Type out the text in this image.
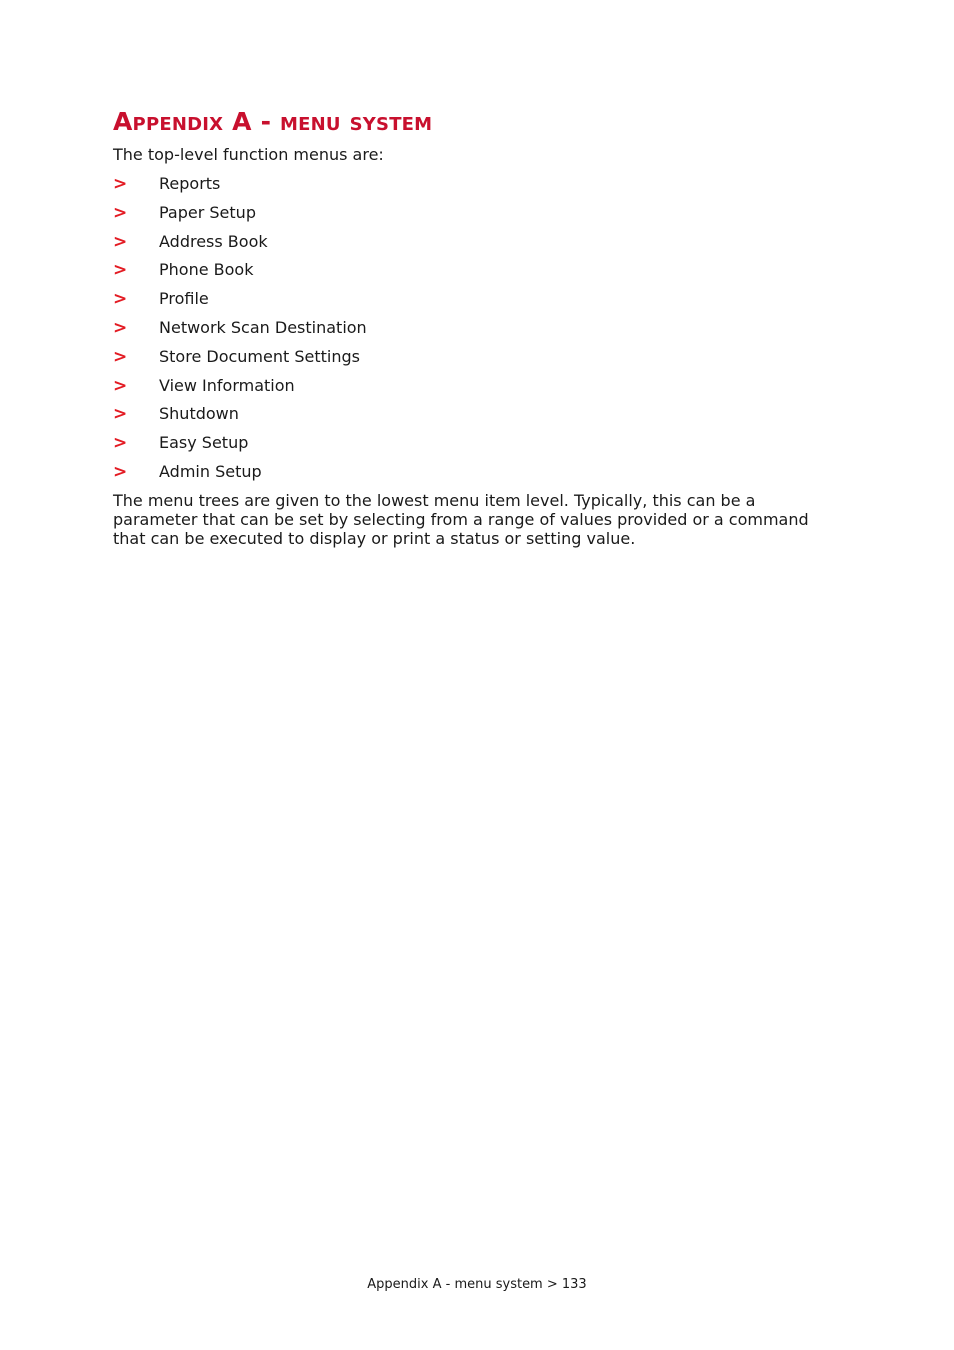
Appendix A - menu system

The top-level function menus are:

>	Reports
>	Paper Setup
>	Address Book
>	Phone Book
>	Profile
>	Network Scan Destination
>	Store Document Settings
>	View Information
>	Shutdown
>	Easy Setup
>	Admin Setup

The menu trees are given to the lowest menu item level. Typically, this can be a parameter that can be set by selecting from a range of values provided or a command that can be executed to display or print a status or setting value.

Appendix A - menu system > 133
